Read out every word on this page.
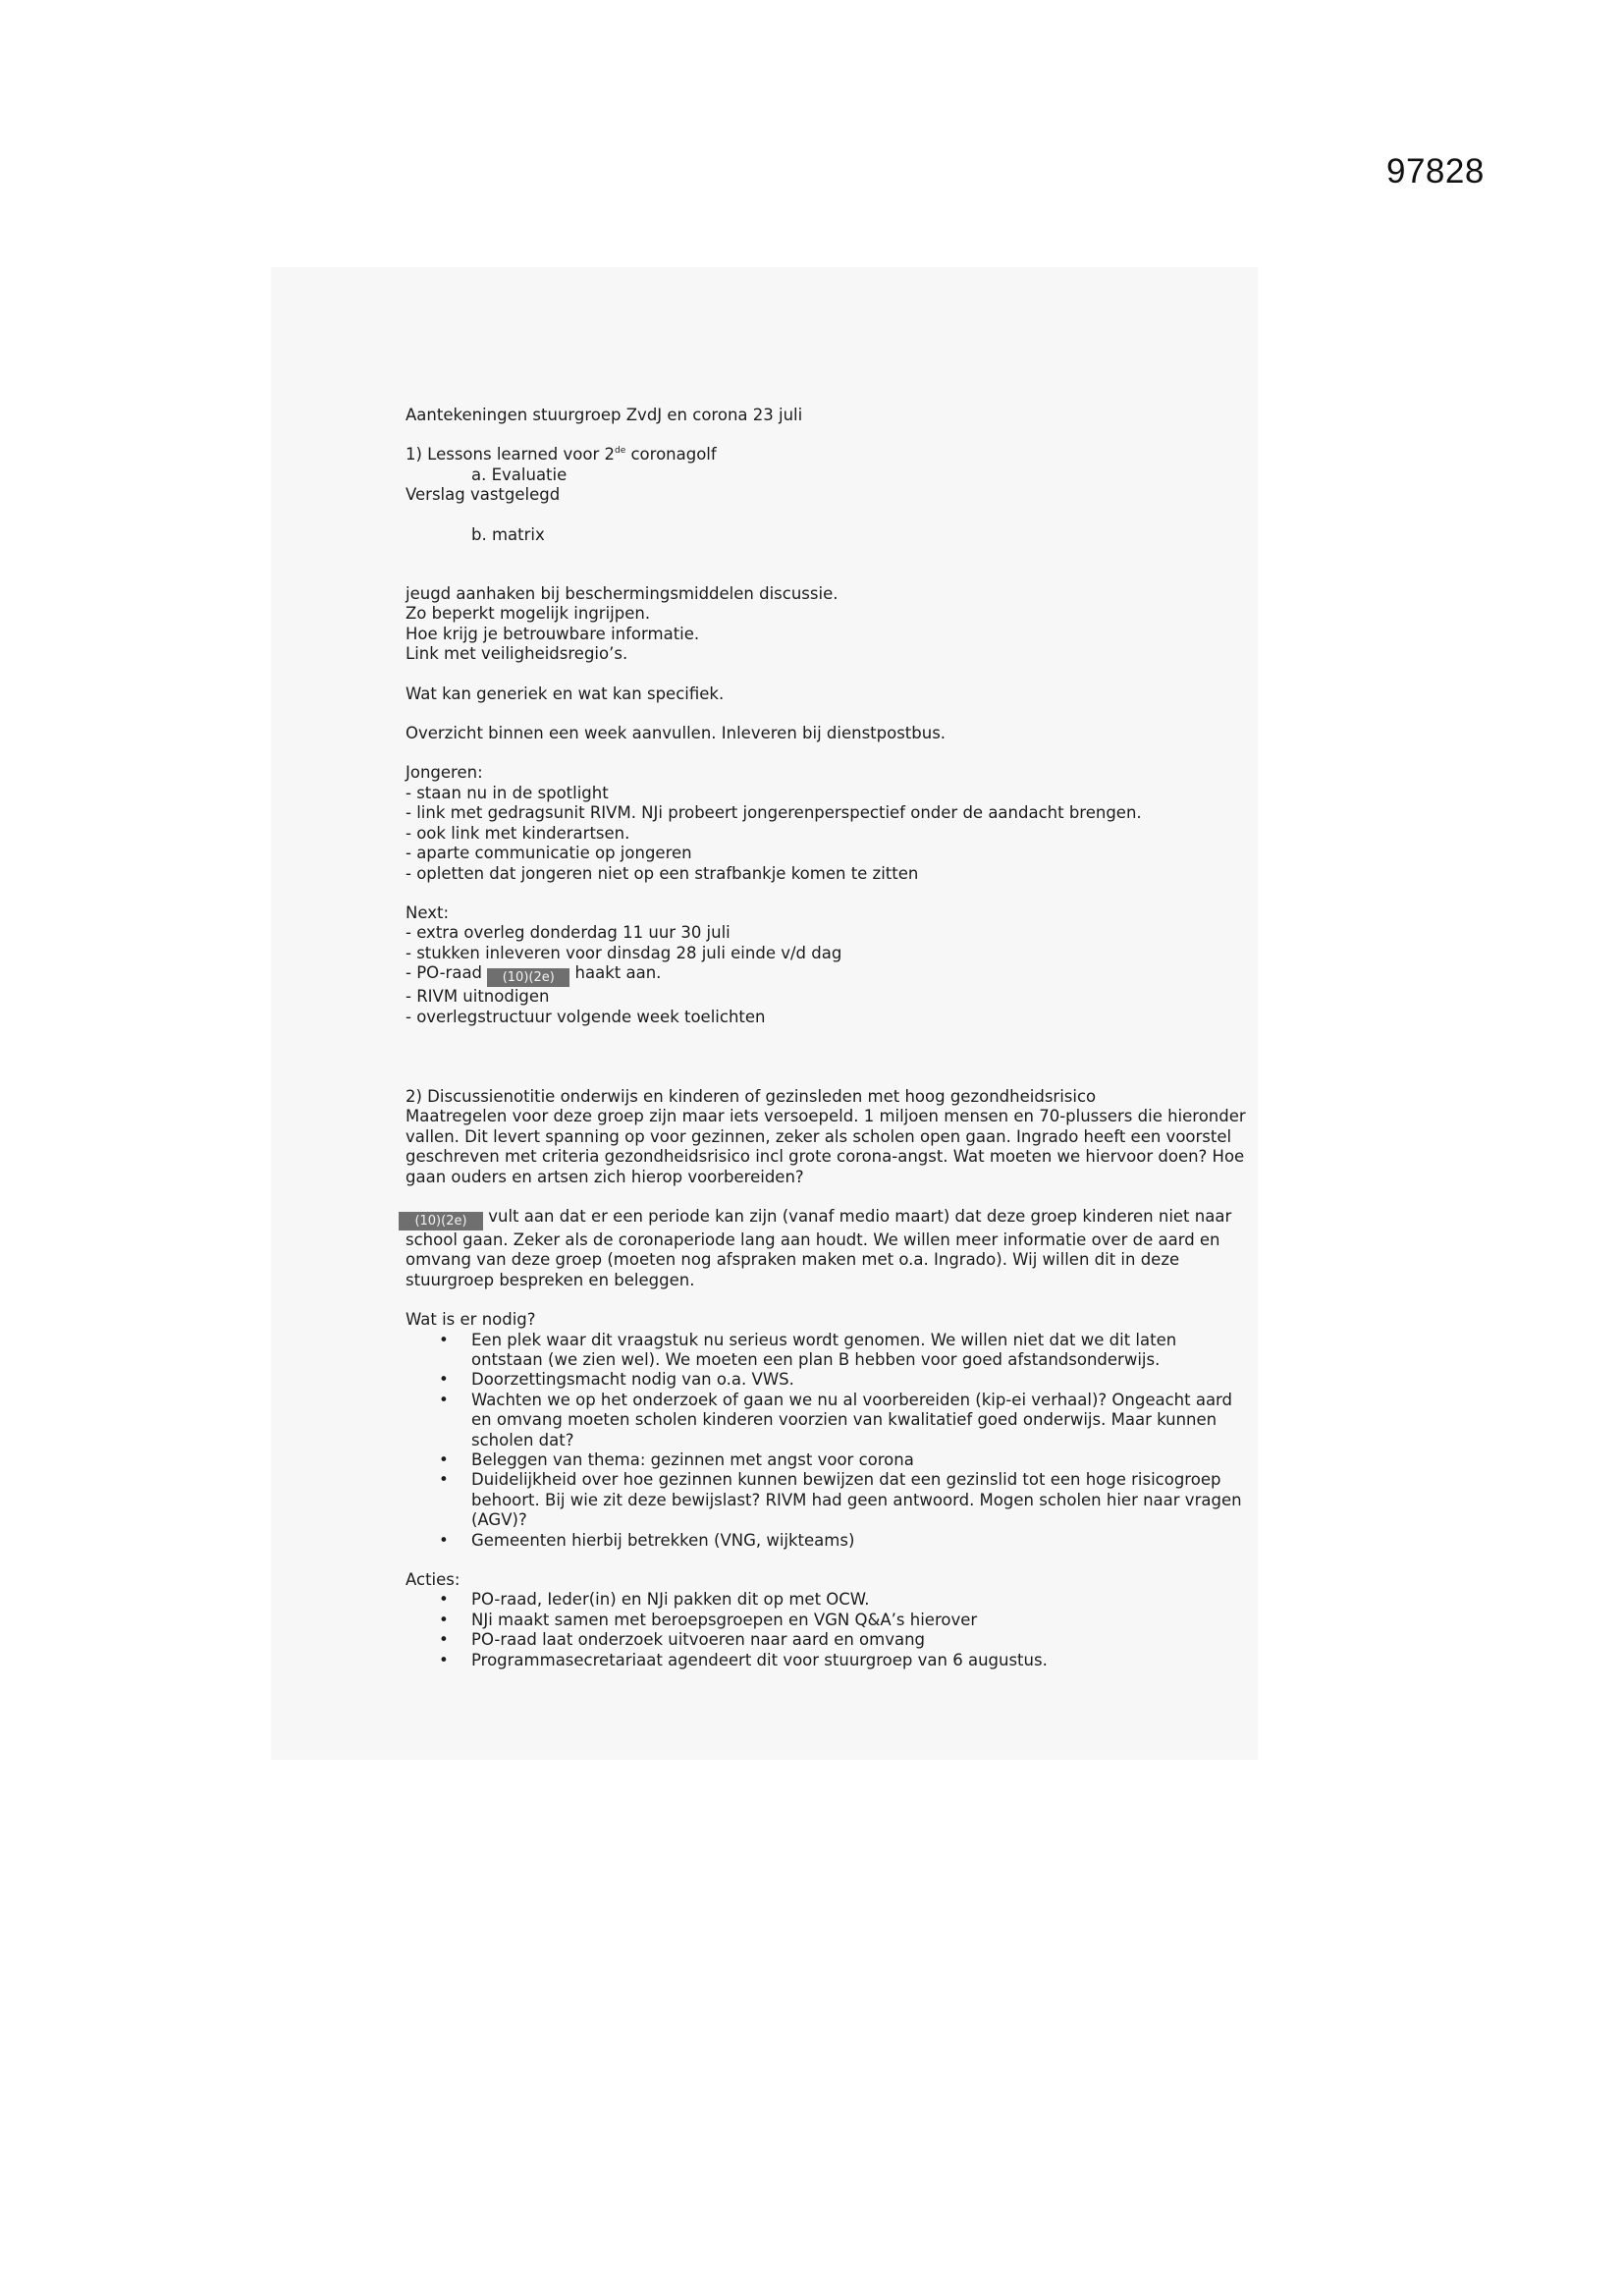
97828
Aantekeningen stuurgroep ZvdJ en corona 23 juli
1) Lessons learned voor 2de coronagolf
a. Evaluatie
Verslag vastgelegd
b. matrix
jeugd aanhaken bij beschermingsmiddelen discussie.
Zo beperkt mogelijk ingrijpen.
Hoe krijg je betrouwbare informatie.
Link met veiligheidsregio’s.
Wat kan generiek en wat kan specifiek.
Overzicht binnen een week aanvullen. Inleveren bij dienstpostbus.
Jongeren:
- staan nu in de spotlight
- link met gedragsunit RIVM. NJi probeert jongerenperspectief onder de aandacht brengen.
- ook link met kinderartsen.
- aparte communicatie op jongeren
- opletten dat jongeren niet op een strafbankje komen te zitten
Next:
- extra overleg donderdag 11 uur 30 juli
- stukken inleveren voor dinsdag 28 juli einde v/d dag
- PO-raad (10)(2e) haakt aan.
- RIVM uitnodigen
- overlegstructuur volgende week toelichten
2) Discussienotitie onderwijs en kinderen of gezinsleden met hoog gezondheidsrisico
Maatregelen voor deze groep zijn maar iets versoepeld. 1 miljoen mensen en 70-plussers die hieronder vallen. Dit levert spanning op voor gezinnen, zeker als scholen open gaan. Ingrado heeft een voorstel geschreven met criteria gezondheidsrisico incl grote corona-angst. Wat moeten we hiervoor doen? Hoe gaan ouders en artsen zich hierop voorbereiden?
(10)(2e) vult aan dat er een periode kan zijn (vanaf medio maart) dat deze groep kinderen niet naar school gaan. Zeker als de coronaperiode lang aan houdt. We willen meer informatie over de aard en omvang van deze groep (moeten nog afspraken maken met o.a. Ingrado). Wij willen dit in deze stuurgroep bespreken en beleggen.
Wat is er nodig?
• Een plek waar dit vraagstuk nu serieus wordt genomen. We willen niet dat we dit laten ontstaan (we zien wel). We moeten een plan B hebben voor goed afstandsonderwijs.
• Doorzettingsmacht nodig van o.a. VWS.
• Wachten we op het onderzoek of gaan we nu al voorbereiden (kip-ei verhaal)? Ongeacht aard en omvang moeten scholen kinderen voorzien van kwalitatief goed onderwijs. Maar kunnen scholen dat?
• Beleggen van thema: gezinnen met angst voor corona
• Duidelijkheid over hoe gezinnen kunnen bewijzen dat een gezinslid tot een hoge risicogroep behoort. Bij wie zit deze bewijslast? RIVM had geen antwoord. Mogen scholen hier naar vragen (AGV)?
• Gemeenten hierbij betrekken (VNG, wijkteams)
Acties:
• PO-raad, Ieder(in) en NJi pakken dit op met OCW.
• NJi maakt samen met beroepsgroepen en VGN Q&A’s hierover
• PO-raad laat onderzoek uitvoeren naar aard en omvang
• Programmasecretariaat agendeert dit voor stuurgroep van 6 augustus.
